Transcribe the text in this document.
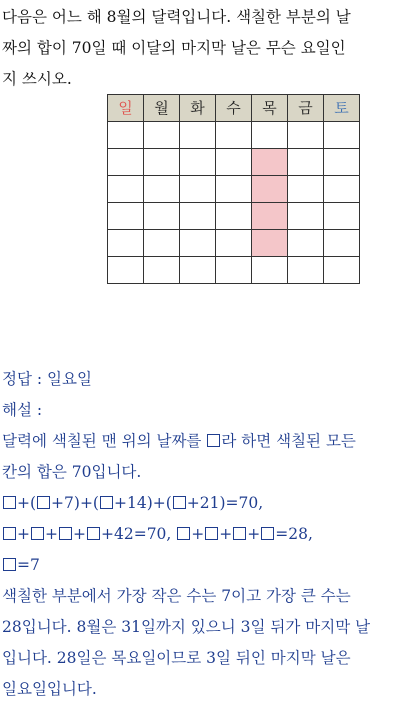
다음은 어느 해 8월의 달력입니다. 색칠한 부분의 날

짜의 합이 70일 때 이달의 마지막 날은 무슨 요일인

지 쓰시오.

일	월	화	수	목	금	토

정답 : 일요일

해설 :

달력에 색칠된 맨 위의 날짜를 라 하면 색칠된 모든

칸의 합은 70입니다.

+( +7)+( +14)+( +21)=70,

+ + + +42=70, + + + =28,

=7

색칠한 부분에서 가장 작은 수는 7이고 가장 큰 수는

28입니다. 8월은 31일까지 있으니 3일 뒤가 마지막 날

입니다. 28일은 목요일이므로 3일 뒤인 마지막 날은

일요일입니다.
